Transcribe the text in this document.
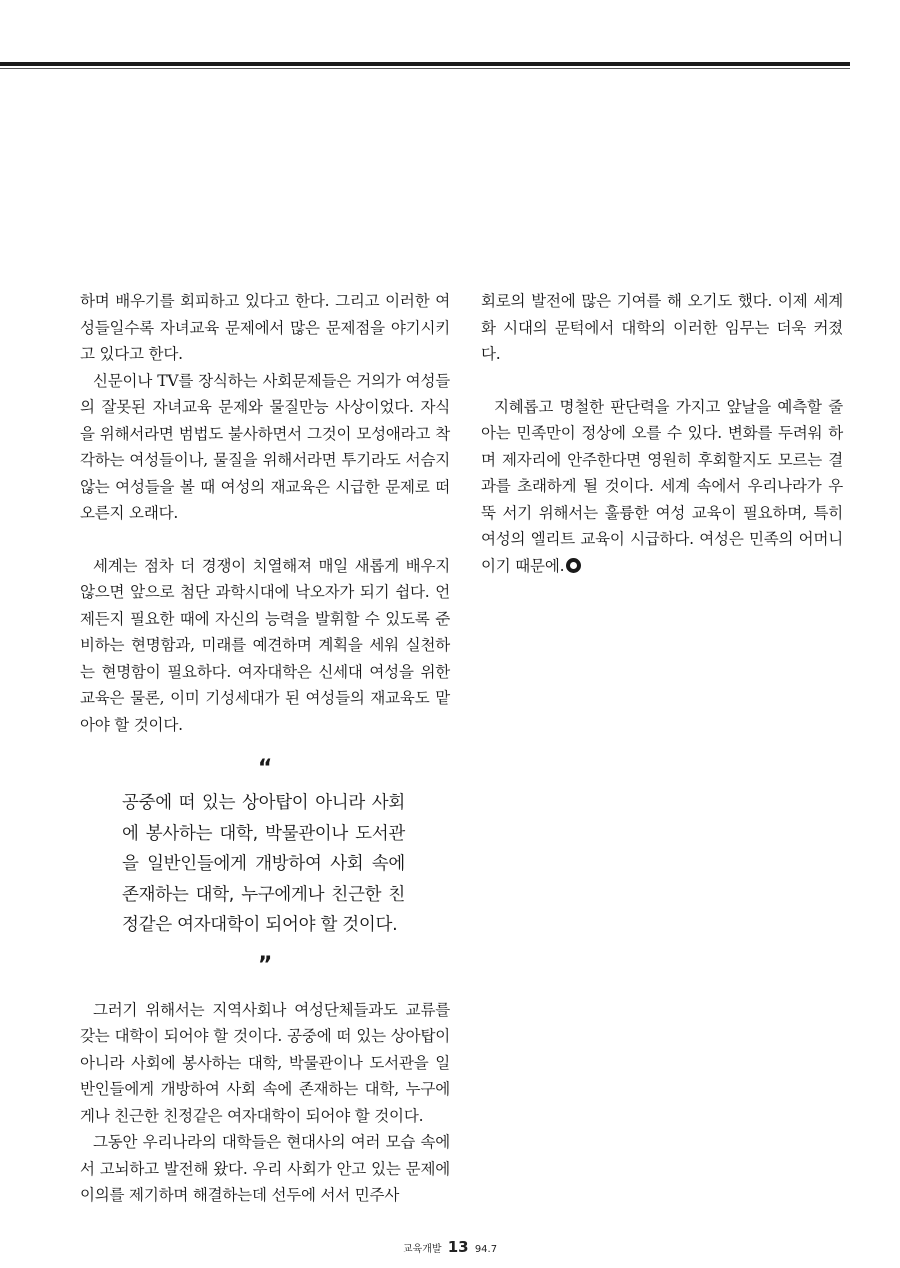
하며 배우기를 회피하고 있다고 한다. 그리고 이러한 여성들일수록 자녀교육 문제에서 많은 문제점을 야기시키고 있다고 한다.

신문이나 TV를 장식하는 사회문제들은 거의가 여성들의 잘못된 자녀교육 문제와 물질만능 사상이었다. 자식을 위해서라면 범법도 불사하면서 그것이 모성애라고 착각하는 여성들이나, 물질을 위해서라면 투기라도 서슴지 않는 여성들을 볼 때 여성의 재교육은 시급한 문제로 떠오른지 오래다.

세계는 점차 더 경쟁이 치열해져 매일 새롭게 배우지 않으면 앞으로 첨단 과학시대에 낙오자가 되기 쉽다. 언제든지 필요한 때에 자신의 능력을 발휘할 수 있도록 준비하는 현명함과, 미래를 예견하며 계획을 세워 실천하는 현명함이 필요하다. 여자대학은 신세대 여성을 위한 교육은 물론, 이미 기성세대가 된 여성들의 재교육도 맡아야 할 것이다.

“

공중에 떠 있는 상아탑이 아니라 사회에 봉사하는 대학, 박물관이나 도서관을 일반인들에게 개방하여 사회 속에 존재하는 대학, 누구에게나 친근한 친정같은 여자대학이 되어야 할 것이다.

”

그러기 위해서는 지역사회나 여성단체들과도 교류를 갖는 대학이 되어야 할 것이다. 공중에 떠 있는 상아탑이 아니라 사회에 봉사하는 대학, 박물관이나 도서관을 일반인들에게 개방하여 사회 속에 존재하는 대학, 누구에게나 친근한 친정같은 여자대학이 되어야 할 것이다.

그동안 우리나라의 대학들은 현대사의 여러 모습 속에서 고뇌하고 발전해 왔다. 우리 사회가 안고 있는 문제에 이의를 제기하며 해결하는데 선두에 서서 민주사

회로의 발전에 많은 기여를 해 오기도 했다. 이제 세계화 시대의 문턱에서 대학의 이러한 임무는 더욱 커졌다.

지혜롭고 명철한 판단력을 가지고 앞날을 예측할 줄 아는 민족만이 정상에 오를 수 있다. 변화를 두려워 하며 제자리에 안주한다면 영원히 후회할지도 모르는 결과를 초래하게 될 것이다. 세계 속에서 우리나라가 우뚝 서기 위해서는 훌륭한 여성 교육이 필요하며, 특히 여성의 엘리트 교육이 시급하다. 여성은 민족의 어머니이기 때문에.

교육개발 13 94.7
